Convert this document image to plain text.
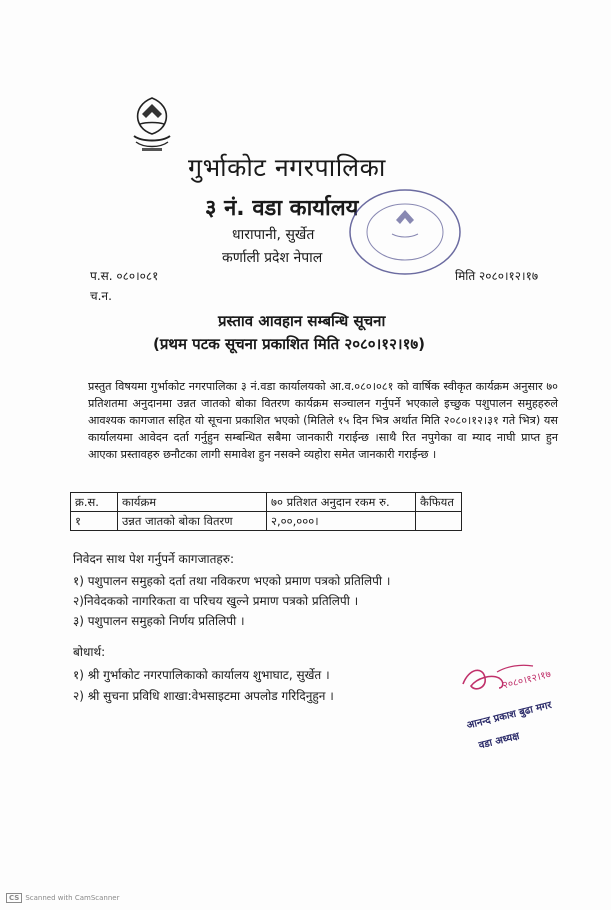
गुर्भाकोट नगरपालिका
३ नं. वडा कार्यालय
धारापानी, सुर्खेत
कर्णाली प्रदेश नेपाल
प.स. ०८०।०८१
च.न.
मिति २०८०।१२।१७
प्रस्ताव आवहान सम्बन्धि सूचना
(प्रथम पटक सूचना प्रकाशित मिति २०८०।१२।१७)
प्रस्तुत विषयमा गुर्भाकोट नगरपालिका ३ नं.वडा कार्यालयको आ.व.०८०।०८१ को वार्षिक स्वीकृत कार्यक्रम अनुसार ७० प्रतिशतमा अनुदानमा उन्नत जातको बोका वितरण कार्यक्रम सञ्चालन गर्नुपर्ने भएकाले इच्छुक पशुपालन समुहहरुले आवश्यक कागजात सहित यो सूचना प्रकाशित भएको (मितिले १५ दिन भित्र अर्थात मिति २०८०।१२।३१ गते भित्र) यस कार्यालयमा आवेदन दर्ता गर्नुहुन सम्बन्धित सबैमा जानकारी गराईन्छ ।साथै रित नपुगेका वा म्याद नाघी प्राप्त हुन आएका प्रस्तावहरु छनौटका लागी समावेश हुन नसक्ने व्यहोरा समेत जानकारी गराईन्छ ।
क्र.स.	कार्यक्रम	७० प्रतिशत अनुदान रकम रु.	कैफियत
१	उन्नत जातको बोका वितरण	२,००,०००।	
निवेदन साथ पेश गर्नुपर्ने कागजातहरु:
१) पशुपालन समुहको दर्ता तथा नविकरण भएको प्रमाण पत्रको प्रतिलिपी ।
२)निवेदकको नागरिकता वा परिचय खुल्ने प्रमाण पत्रको प्रतिलिपी ।
३) पशुपालन समुहको निर्णय प्रतिलिपी ।
बोधार्थ:
१) श्री गुर्भाकोट नगरपालिकाको कार्यालय शुभाघाट, सुर्खेत ।
२) श्री सुचना प्रविधि शाखा:वेभसाइटमा अपलोड गरिदिनुहुन ।
२०८०।१२।१७
आनन्द प्रकाश बुढा मगर
वडा अध्यक्ष
CS Scanned with CamScanner
